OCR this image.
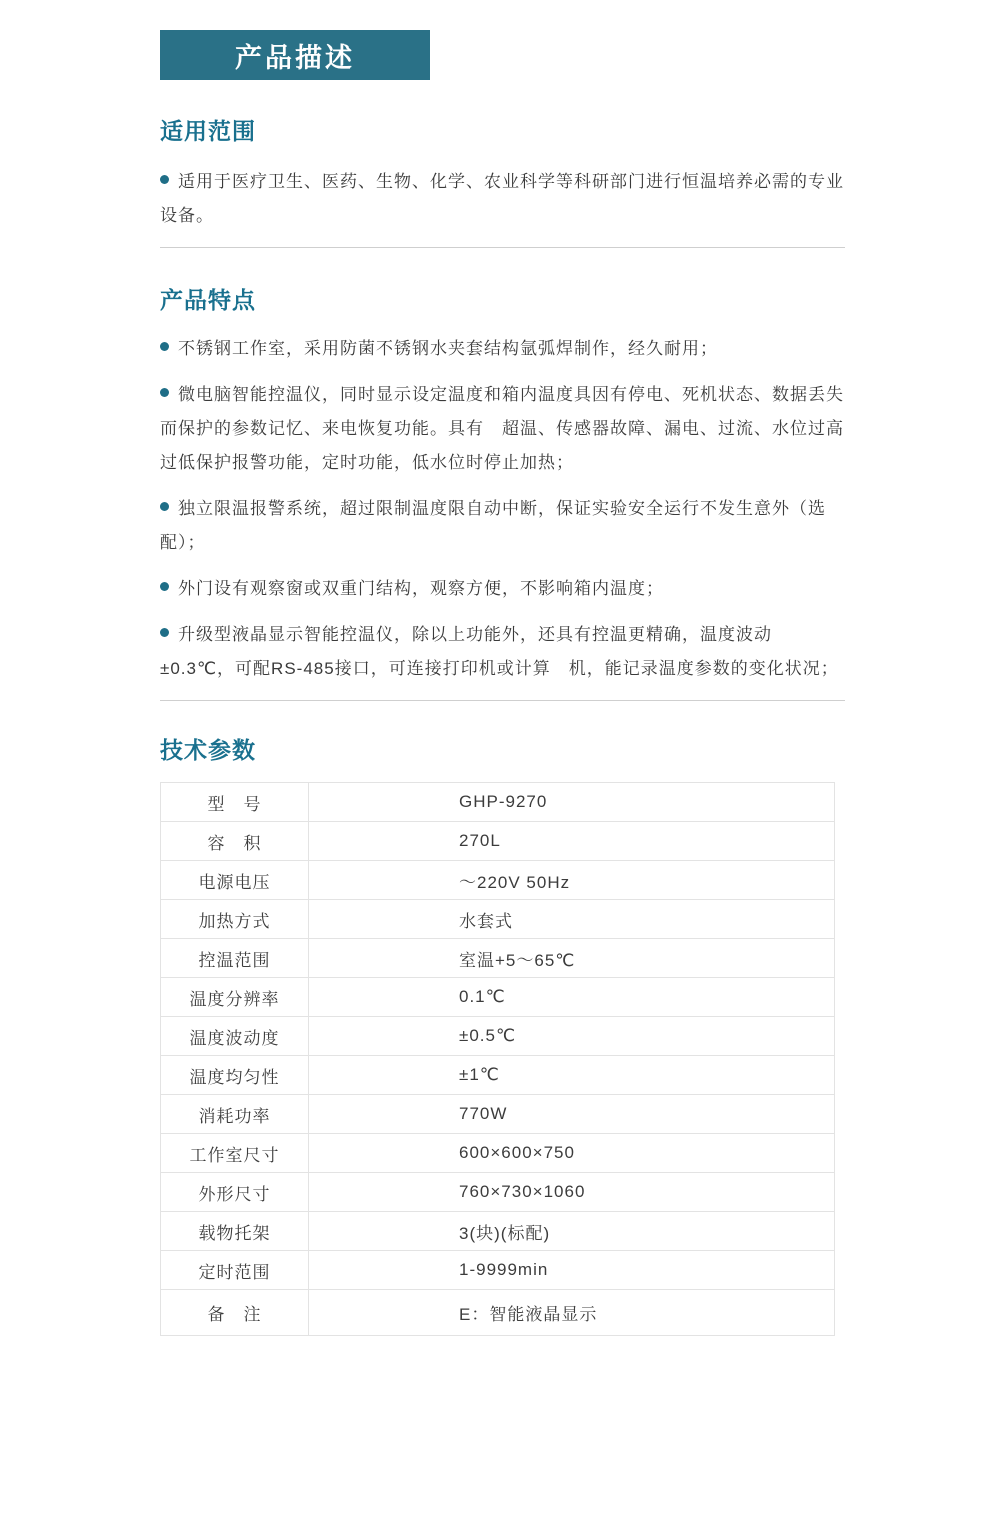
产品描述
适用范围

适用于医疗卫生、医药、生物、化学、农业科学等科研部门进行恒温培养必需的专业设备。

产品特点

不锈钢工作室，采用防菌不锈钢水夹套结构氩弧焊制作，经久耐用；

微电脑智能控温仪，同时显示设定温度和箱内温度具因有停电、死机状态、数据丢失而保护的参数记忆、来电恢复功能。具有　超温、传感器故障、漏电、过流、水位过高过低保护报警功能，定时功能，低水位时停止加热；

独立限温报警系统，超过限制温度限自动中断，保证实验安全运行不发生意外（选配）；

外门设有观察窗或双重门结构，观察方便，不影响箱内温度；

升级型液晶显示智能控温仪，除以上功能外，还具有控温更精确，温度波动±0.3℃，可配RS-485接口，可连接打印机或计算　机，能记录温度参数的变化状况；

技术参数
型　号	GHP-9270
容　积	270L
电源电压	～220V 50Hz
加热方式	水套式
控温范围	室温+5～65℃
温度分辨率	0.1℃
温度波动度	±0.5℃
温度均匀性	±1℃
消耗功率	770W
工作室尺寸	600×600×750
外形尺寸	760×730×1060
载物托架	3(块)(标配)
定时范围	1-9999min
备　注	E：智能液晶显示
